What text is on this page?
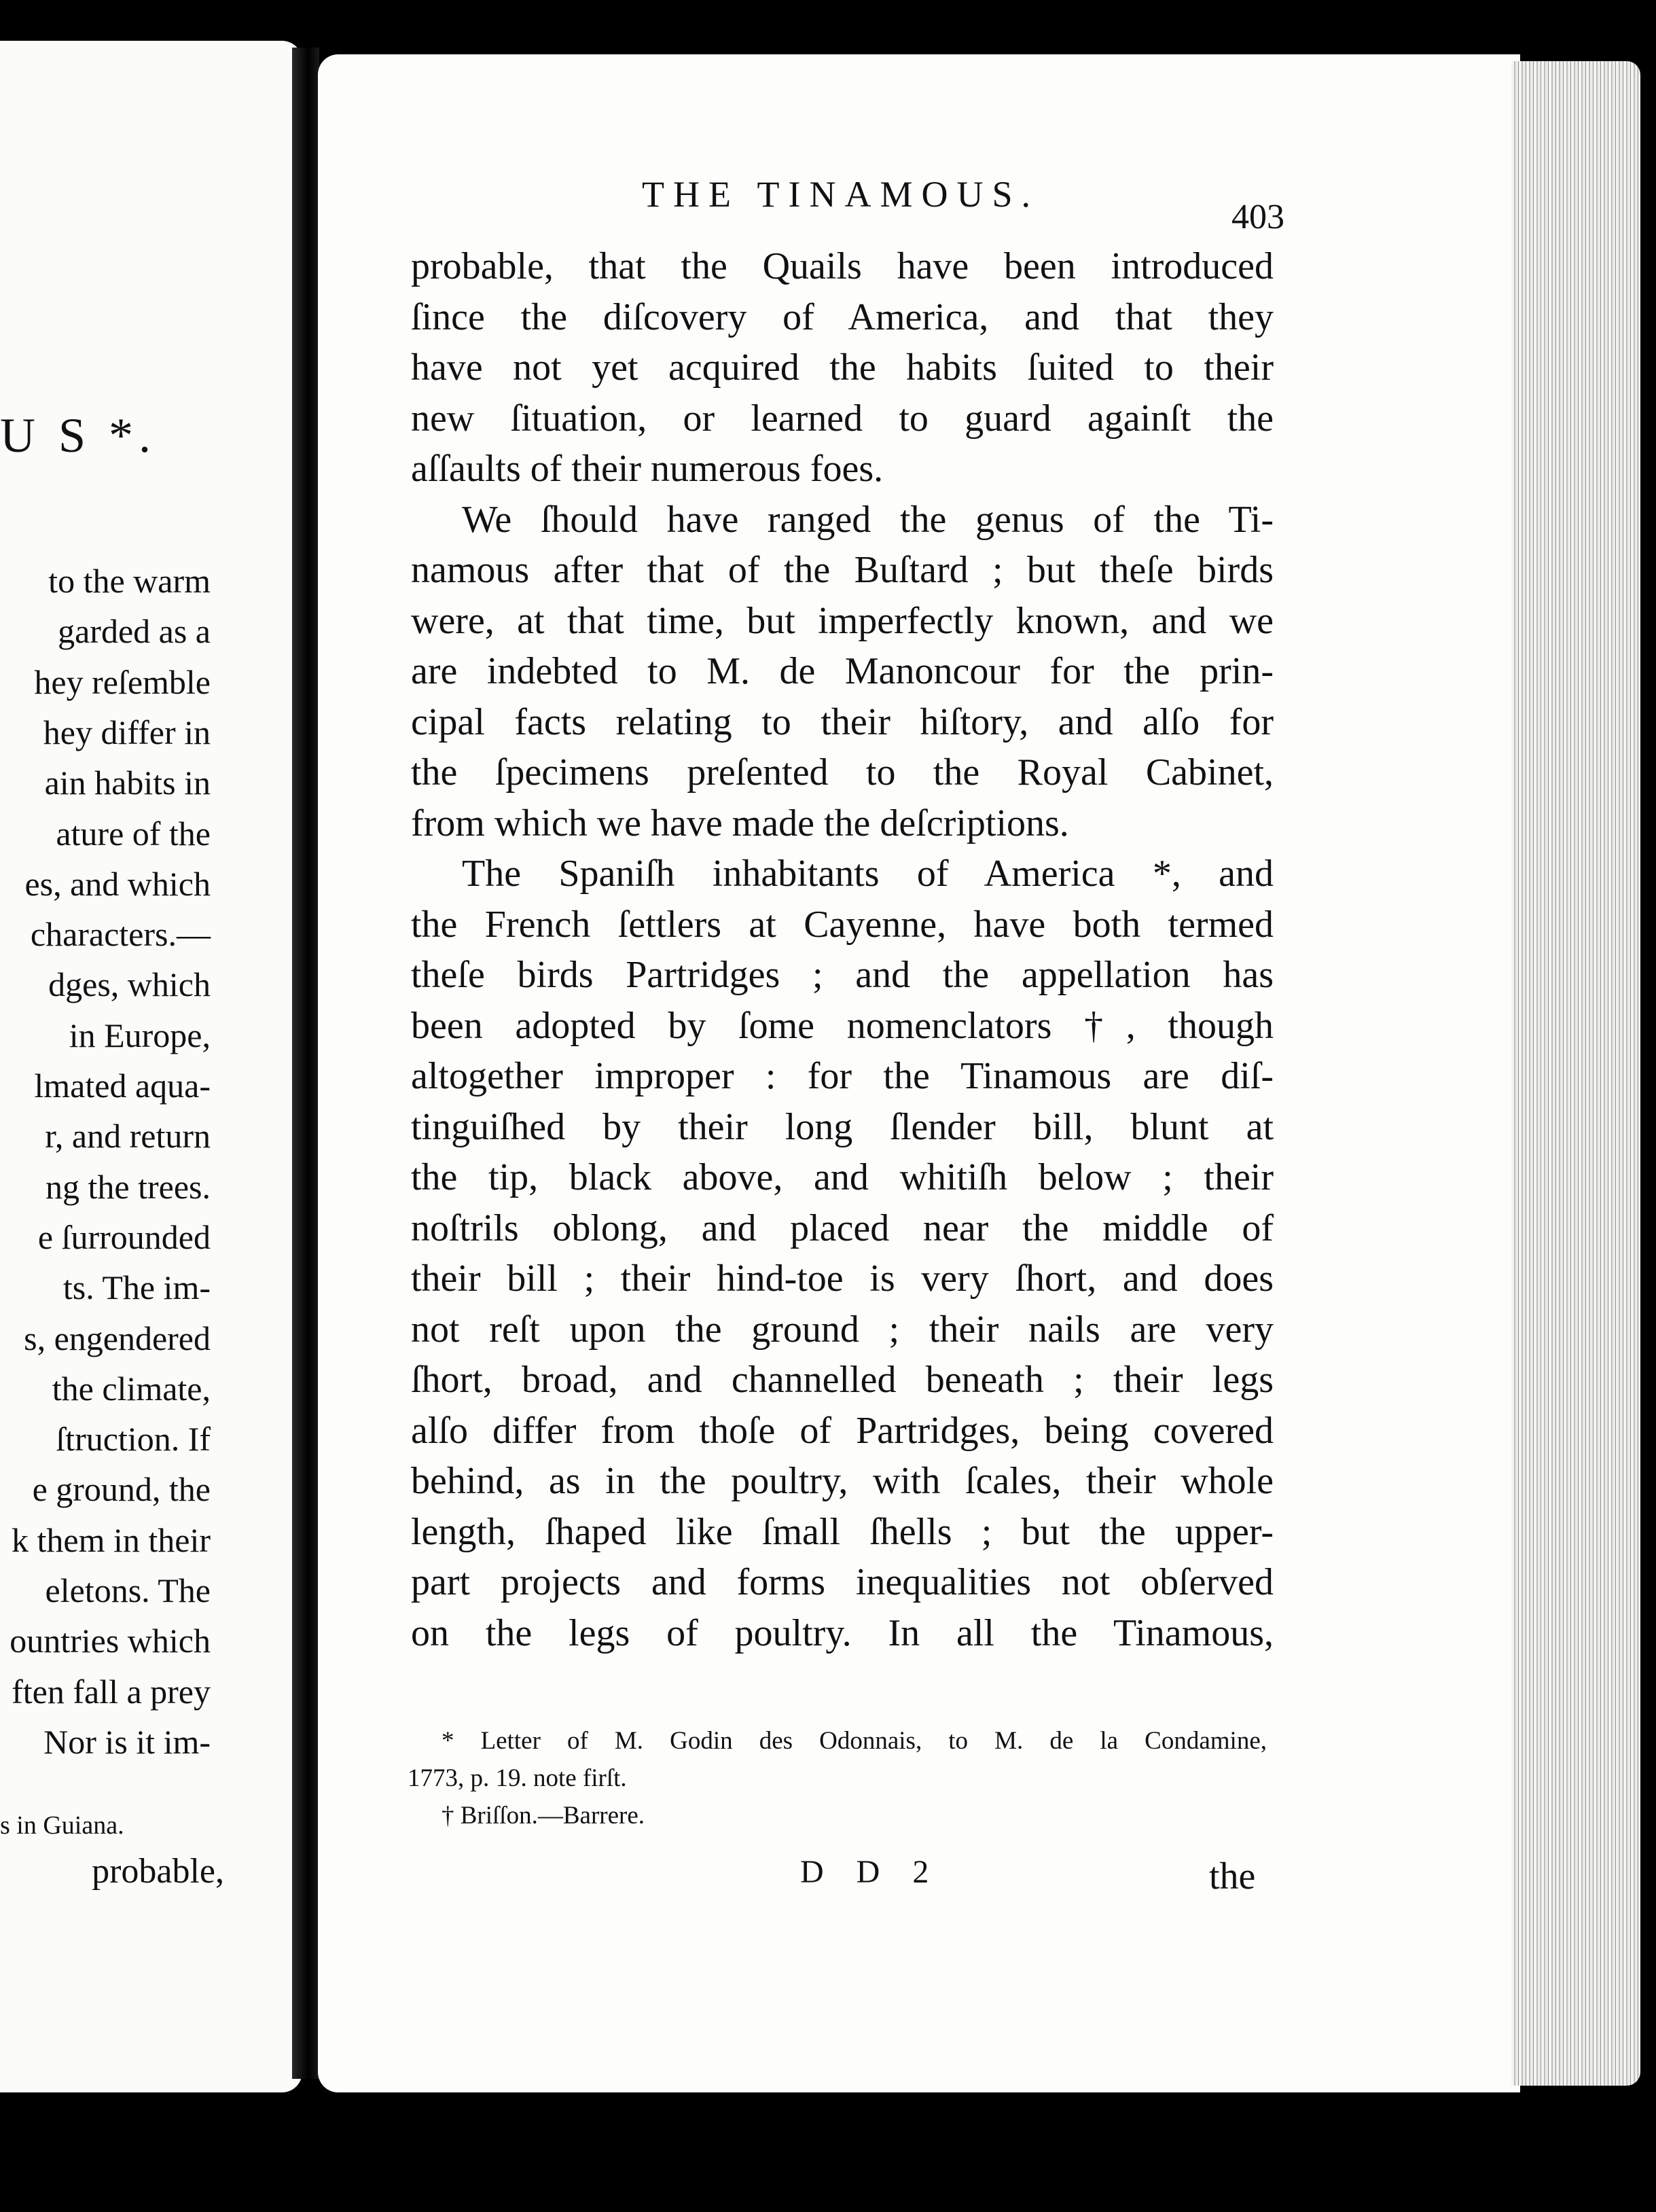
U S *.
to the warm
garded as a
hey reſemble
hey differ in
ain habits in
ature of the
es, and which
characters.—
dges, which
in Europe,
lmated aqua-
r, and return
ng the trees.
e ſurrounded
ts. The im-
s, engendered
the climate,
ſtruction. If
e ground, the
k them in their
eletons. The
ountries which
ften fall a prey
Nor is it im-
s in Guiana.
probable,
THE TINAMOUS.
403
probable, that the Quails have been introduced
ſince the diſcovery of America, and that they
have not yet acquired the habits ſuited to their
new ſituation, or learned to guard againſt the
aſſaults of their numerous foes.
We ſhould have ranged the genus of the Ti-
namous after that of the Buſtard ; but theſe birds
were, at that time, but imperfectly known, and we
are indebted to M. de Manoncour for the prin-
cipal facts relating to their hiſtory, and alſo for
the ſpecimens preſented to the Royal Cabinet,
from which we have made the deſcriptions.
The Spaniſh inhabitants of America *, and
the French ſettlers at Cayenne, have both termed
theſe birds Partridges ; and the appellation has
been adopted by ſome nomenclators †, though
altogether improper : for the Tinamous are diſ-
tinguiſhed by their long ſlender bill, blunt at
the tip, black above, and whitiſh below ; their
noſtrils oblong, and placed near the middle of
their bill ; their hind-toe is very ſhort, and does
not reſt upon the ground ; their nails are very
ſhort, broad, and channelled beneath ; their legs
alſo differ from thoſe of Partridges, being covered
behind, as in the poultry, with ſcales, their whole
length, ſhaped like ſmall ſhells ; but the upper-
part projects and forms inequalities not obſerved
on the legs of poultry. In all the Tinamous,
* Letter of M. Godin des Odonnais, to M. de la Condamine,
1773, p. 19. note firſt.
† Briſſon.—Barrere.
D D 2	the
